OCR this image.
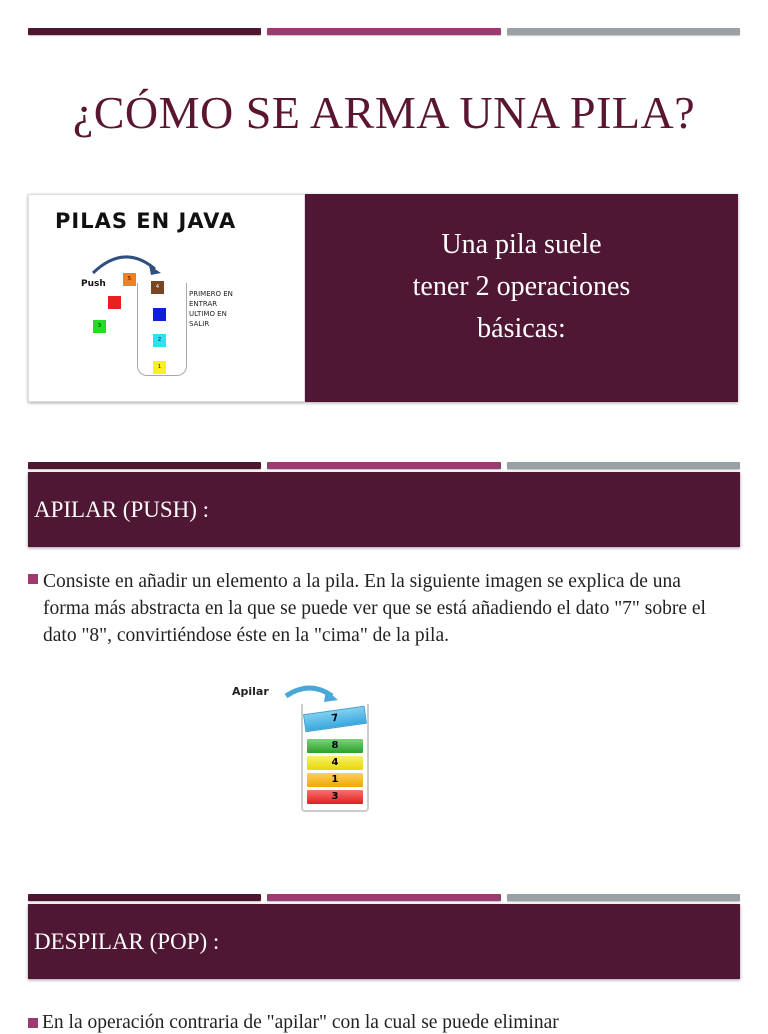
¿CÓMO SE ARMA UNA PILA?
PILAS EN JAVA
Push	5
4
3
2
1
PRIMERO EN
ENTRAR
ULTIMO EN
SALIR
Una pila suele
tener 2 operaciones
básicas:
APILAR (PUSH) :
Consiste en añadir un elemento a la pila. En la siguiente imagen se explica de una forma más abstracta en la que se puede ver que se está añadiendo el dato "7" sobre el dato "8", convirtiéndose éste en la "cima" de la pila.
Apilar
7
8
4
1
3
DESPILAR (POP) :
En la operación contraria de "apilar" con la cual se puede eliminar
